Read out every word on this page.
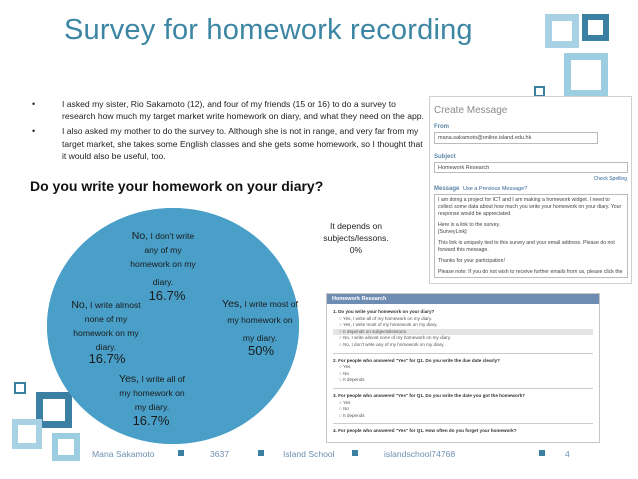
Survey for homework recording
• I asked my sister, Rio Sakamoto (12), and four of my friends (15 or 16) to do a survey to research how much my target market write homework on diary, and what they need on the app.
• I also asked my mother to do the survey to. Although she is not in range, and very far from my target market, she takes some English classes and she gets some homework, so I thought that it would also be useful, too.
Do you write your homework on your diary?
No, I don't write
any of my
homework on my
diary.
16.7%
No, I write almost
none of my
homework on my
diary.
16.7%
Yes, I write most of
my homework on
my diary.
50%
Yes, I write all of
my homework on
my diary.
16.7%
It depends on
subjects/lessons.
0%
Create Message
From
mana.sakamoto@online.island.edu.hk
Subject
Homework Research
Check Spelling
Message Use a Previous Message?
I am doing a project for ICT and I am making a homework widget. I need to collect some data about how much you write your homework on your diary. Your response would be appreciated.
Here is a link to the survey.
[SurveyLink]
This link is uniquely tied to this survey and your email address. Please do not forward this message.
Thanks for your participation!
Please note: If you do not wish to receive further emails from us, please click the
Homework Research
1. Do you write your homework on your diary?
○ Yes, I write all of my homework on my diary.
○ Yes, I write most of my homework on my diary.
○ It depends on subjects/lessons.
○ No, I write almost none of my homework on my diary.
○ No, I don't write any of my homework on my diary.
2. For people who answered "Yes" for Q1. Do you write the due date clearly?
○ Yes
○ No
○ It depends
3. For people who answered "Yes" for Q1. Do you write the date you got the homework?
○ Yes
○ No
○ It depends
4. For people who answered "Yes" for Q1. How often do you forget your homework?
Mana Sakamoto	3637	Island School	islandschool74768	4
